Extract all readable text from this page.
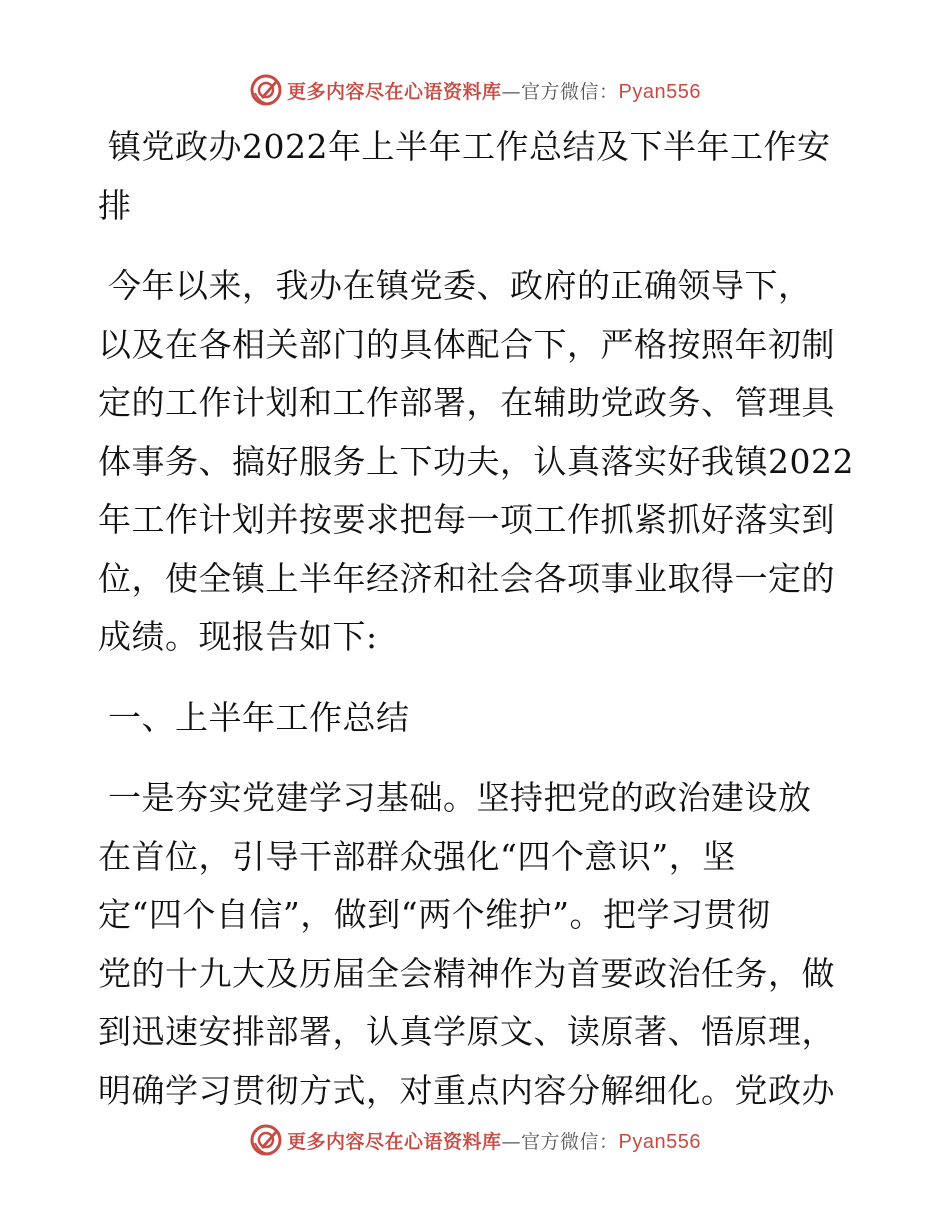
更多内容尽在心语资料库—官方微信：Pyan556
镇党政办2022年上半年工作总结及下半年工作安
排
今年以来，我办在镇党委、政府的正确领导下，
以及在各相关部门的具体配合下，严格按照年初制
定的工作计划和工作部署，在辅助党政务、管理具
体事务、搞好服务上下功夫，认真落实好我镇2022
年工作计划并按要求把每一项工作抓紧抓好落实到
位，使全镇上半年经济和社会各项事业取得一定的
成绩。现报告如下:
一、上半年工作总结
一是夯实党建学习基础。坚持把党的政治建设放
在首位，引导干部群众强化“四个意识”，坚
定“四个自信”，做到“两个维护”。把学习贯彻
党的十九大及历届全会精神作为首要政治任务，做
到迅速安排部署，认真学原文、读原著、悟原理，
明确学习贯彻方式，对重点内容分解细化。党政办
更多内容尽在心语资料库—官方微信：Pyan556
